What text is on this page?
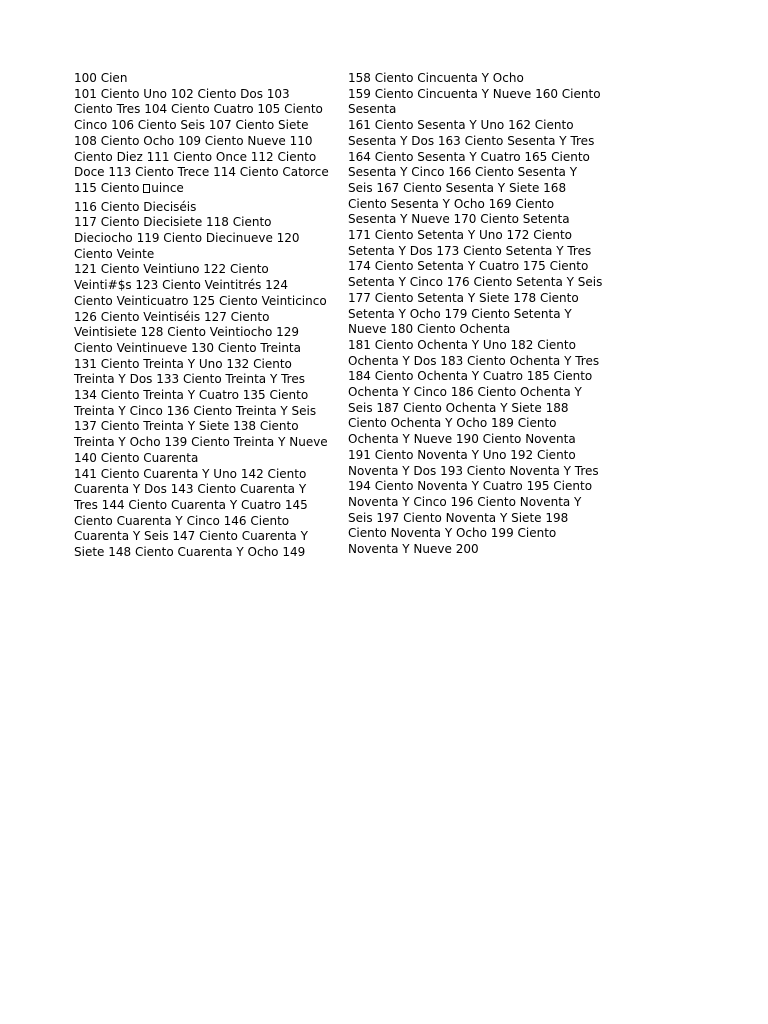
100 Cien

101 Ciento Uno 102 Ciento Dos 103 Ciento Tres 104 Ciento Cuatro 105 Ciento Cinco 106 Ciento Seis 107 Ciento Siete 108 Ciento Ocho 109 Ciento Nueve 110 Ciento Diez 111 Ciento Once 112 Ciento Doce 113 Ciento Trece 114 Ciento Catorce 115 Ciento uince

116 Ciento Dieciséis

117 Ciento Diecisiete 118 Ciento Dieciocho 119 Ciento Diecinueve 120 Ciento Veinte

121 Ciento Veintiuno 122 Ciento Veinti#$s 123 Ciento Veintitrés 124 Ciento Veinticuatro 125 Ciento Veinticinco 126 Ciento Veintiséis 127 Ciento Veintisiete 128 Ciento Veintiocho 129 Ciento Veintinueve 130 Ciento Treinta

131 Ciento Treinta Y Uno 132 Ciento Treinta Y Dos 133 Ciento Treinta Y Tres 134 Ciento Treinta Y Cuatro 135 Ciento Treinta Y Cinco 136 Ciento Treinta Y Seis 137 Ciento Treinta Y Siete 138 Ciento Treinta Y Ocho 139 Ciento Treinta Y Nueve 140 Ciento Cuarenta

141 Ciento Cuarenta Y Uno 142 Ciento Cuarenta Y Dos 143 Ciento Cuarenta Y Tres 144 Ciento Cuarenta Y Cuatro 145 Ciento Cuarenta Y Cinco 146 Ciento Cuarenta Y Seis 147 Ciento Cuarenta Y Siete 148 Ciento Cuarenta Y Ocho 149

158 Ciento Cincuenta Y Ocho

159 Ciento Cincuenta Y Nueve 160 Ciento Sesenta

161 Ciento Sesenta Y Uno 162 Ciento Sesenta Y Dos 163 Ciento Sesenta Y Tres 164 Ciento Sesenta Y Cuatro 165 Ciento Sesenta Y Cinco 166 Ciento Sesenta Y Seis 167 Ciento Sesenta Y Siete 168 Ciento Sesenta Y Ocho 169 Ciento Sesenta Y Nueve 170 Ciento Setenta

171 Ciento Setenta Y Uno 172 Ciento Setenta Y Dos 173 Ciento Setenta Y Tres 174 Ciento Setenta Y Cuatro 175 Ciento Setenta Y Cinco 176 Ciento Setenta Y Seis 177 Ciento Setenta Y Siete 178 Ciento Setenta Y Ocho 179 Ciento Setenta Y Nueve 180 Ciento Ochenta

181 Ciento Ochenta Y Uno 182 Ciento Ochenta Y Dos 183 Ciento Ochenta Y Tres 184 Ciento Ochenta Y Cuatro 185 Ciento Ochenta Y Cinco 186 Ciento Ochenta Y Seis 187 Ciento Ochenta Y Siete 188 Ciento Ochenta Y Ocho 189 Ciento Ochenta Y Nueve 190 Ciento Noventa

191 Ciento Noventa Y Uno 192 Ciento Noventa Y Dos 193 Ciento Noventa Y Tres 194 Ciento Noventa Y Cuatro 195 Ciento Noventa Y Cinco 196 Ciento Noventa Y Seis 197 Ciento Noventa Y Siete 198 Ciento Noventa Y Ocho 199 Ciento Noventa Y Nueve 200
